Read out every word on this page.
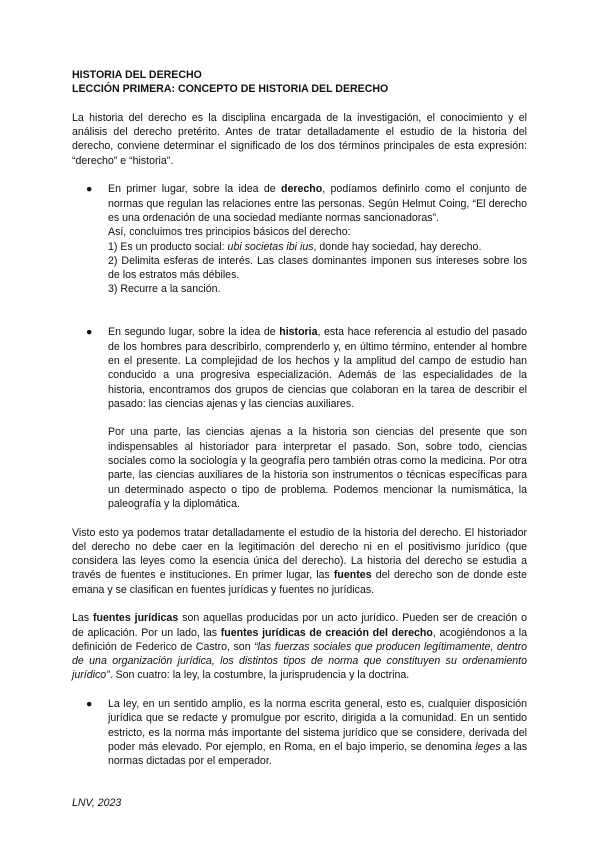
HISTORIA DEL DERECHO
LECCIÓN PRIMERA: CONCEPTO DE HISTORIA DEL DERECHO

La historia del derecho es la disciplina encargada de la investigación, el conocimiento y el análisis del derecho pretérito. Antes de tratar detalladamente el estudio de la historia del derecho, conviene determinar el significado de los dos términos principales de esta expresión: “derecho” e “historia”.

● En primer lugar, sobre la idea de derecho, podíamos definirlo como el conjunto de normas que regulan las relaciones entre las personas. Según Helmut Coing, “El derecho es una ordenación de una sociedad mediante normas sancionadoras”.

Así, concluimos tres principios básicos del derecho:
1) Es un producto social: ubi societas ibi ius, donde hay sociedad, hay derecho.

2) Delimita esferas de interés. Las clases dominantes imponen sus intereses sobre los de los estratos más débiles.

3) Recurre a la sanción.
● En segundo lugar, sobre la idea de historia, esta hace referencia al estudio del pasado de los hombres para describirlo, comprenderlo y, en último término, entender al hombre en el presente. La complejidad de los hechos y la amplitud del campo de estudio han conducido a una progresiva especialización. Además de las especialidades de la historia, encontramos dos grupos de ciencias que colaboran en la tarea de describir el pasado: las ciencias ajenas y las ciencias auxiliares.

Por una parte, las ciencias ajenas a la historia son ciencias del presente que son indispensables al historiador para interpretar el pasado. Son, sobre todo, ciencias sociales como la sociología y la geografía pero también otras como la medicina. Por otra parte, las ciencias auxiliares de la historia son instrumentos o técnicas específicas para un determinado aspecto o tipo de problema. Podemos mencionar la numismática, la paleografía y la diplomática.

Visto esto ya podemos tratar detalladamente el estudio de la historia del derecho. El historiador del derecho no debe caer en la legitimación del derecho ni en el positivismo jurídico (que considera las leyes como la esencia única del derecho). La historia del derecho se estudia a través de fuentes e instituciones. En primer lugar, las fuentes del derecho son de donde este emana y se clasifican en fuentes jurídicas y fuentes no jurídicas.

Las fuentes jurídicas son aquellas producidas por un acto jurídico. Pueden ser de creación o de aplicación. Por un lado, las fuentes jurídicas de creación del derecho, acogiéndonos a la definición de Federico de Castro, son “las fuerzas sociales que producen legítimamente, dentro de una organización jurídica, los distintos tipos de norma que constituyen su ordenamiento jurídico”. Son cuatro: la ley, la costumbre, la jurisprudencia y la doctrina.

● La ley, en un sentido amplio, es la norma escrita general, esto es, cualquier disposición jurídica que se redacte y promulgue por escrito, dirigida a la comunidad. En un sentido estricto, es la norma más importante del sistema jurídico que se considere, derivada del poder más elevado. Por ejemplo, en Roma, en el bajo imperio, se denomina leges a las normas dictadas por el emperador.

LNV, 2023
